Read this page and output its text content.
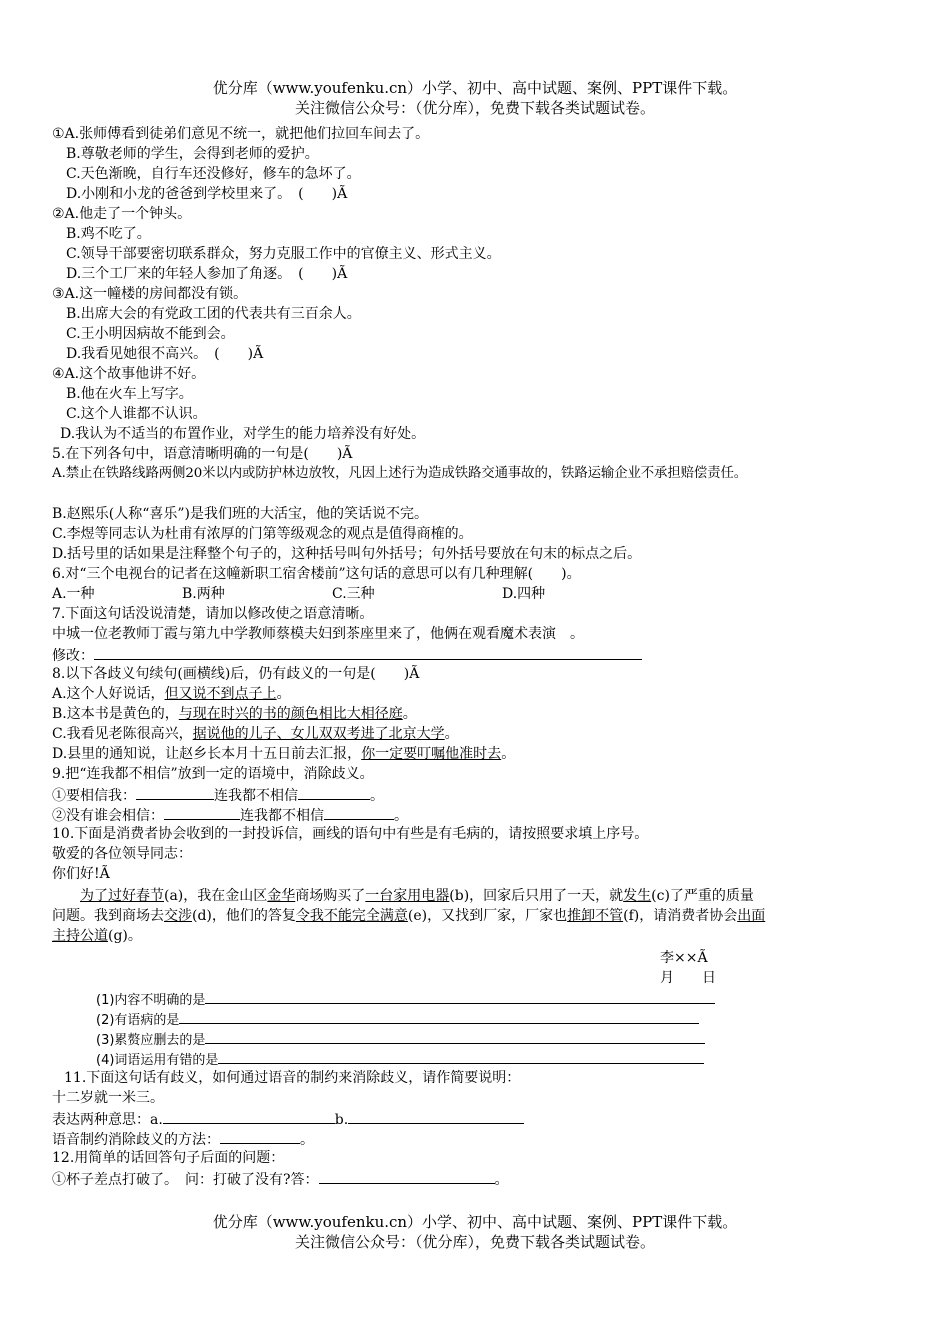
优分库（www.youfenku.cn）小学、初中、高中试题、案例、PPT课件下载。
关注微信公众号：（优分库），免费下载各类试题试卷。
①A.张师傅看到徒弟们意见不统一，就把他们拉回车间去了。
B.尊敬老师的学生，会得到老师的爱护。
C.天色渐晚，自行车还没修好，修车的急坏了。
D.小刚和小龙的爸爸到学校里来了。　(　　)Ã
②A.他走了一个钟头。
B.鸡不吃了。
C.领导干部要密切联系群众，努力克服工作中的官僚主义、形式主义。
D.三个工厂来的年轻人参加了角逐。　(　　)Ã
③A.这一幢楼的房间都没有锁。
B.出席大会的有党政工团的代表共有三百余人。
C.王小明因病故不能到会。
D.我看见她很不高兴。　(　　)Ã
④A.这个故事他讲不好。
B.他在火车上写字。
C.这个人谁都不认识。
D.我认为不适当的布置作业，对学生的能力培养没有好处。
5.在下列各句中，语意清晰明确的一句是(　　)Ã
A.禁止在铁路线路两侧20米以内或防护林边放牧，凡因上述行为造成铁路交通事故的，铁路运输企业不承担赔偿责任。
B.赵熙乐(人称“喜乐”)是我们班的大活宝，他的笑话说不完。
C.李煜等同志认为杜甫有浓厚的门第等级观念的观点是值得商榷的。
D.括号里的话如果是注释整个句子的，这种括号叫句外括号；句外括号要放在句末的标点之后。
6.对“三个电视台的记者在这幢新职工宿舍楼前”这句话的意思可以有几种理解(　　)。
A.一种	B.两种	C.三种	D.四种
7.下面这句话没说清楚，请加以修改使之语意清晰。
中城一位老教师丁霞与第九中学教师蔡模夫妇到茶座里来了，他俩在观看魔术表演　。
修改：
8.以下各歧义句续句(画横线)后，仍有歧义的一句是(　　)Ã
A.这个人好说话，但又说不到点子上。
B.这本书是黄色的，与现在时兴的书的颜色相比大相径庭。
C.我看见老陈很高兴，据说他的儿子、女儿双双考进了北京大学。
D.县里的通知说，让赵乡长本月十五日前去汇报，你一定要叮嘱他准时去。
9.把“连我都不相信”放到一定的语境中，消除歧义。
①要相信我：	连我都不相信	。
②没有谁会相信：	连我都不相信	。
10.下面是消费者协会收到的一封投诉信，画线的语句中有些是有毛病的，请按照要求填上序号。
敬爱的各位领导同志：
你们好!Ã
为了过好春节(a)，我在金山区金华商场购买了一台家用电器(b)，回家后只用了一天，就发生(c)了严重的质量
问题。我到商场去交涉(d)，他们的答复令我不能完全满意(e)，又找到厂家，厂家也推卸不管(f)，请消费者协会出面
主持公道(g)。
李××Ã
月　　日
(1)内容不明确的是
(2)有语病的是
(3)累赘应删去的是
(4)词语运用有错的是
11.下面这句话有歧义，如何通过语音的制约来消除歧义，请作简要说明：
十二岁就一米三。
表达两种意思：a.	b.
语音制约消除歧义的方法：	。
12.用简单的话回答句子后面的问题：
①杯子差点打破了。　问：打破了没有?答：	。
优分库（www.youfenku.cn）小学、初中、高中试题、案例、PPT课件下载。
关注微信公众号：（优分库），免费下载各类试题试卷。
